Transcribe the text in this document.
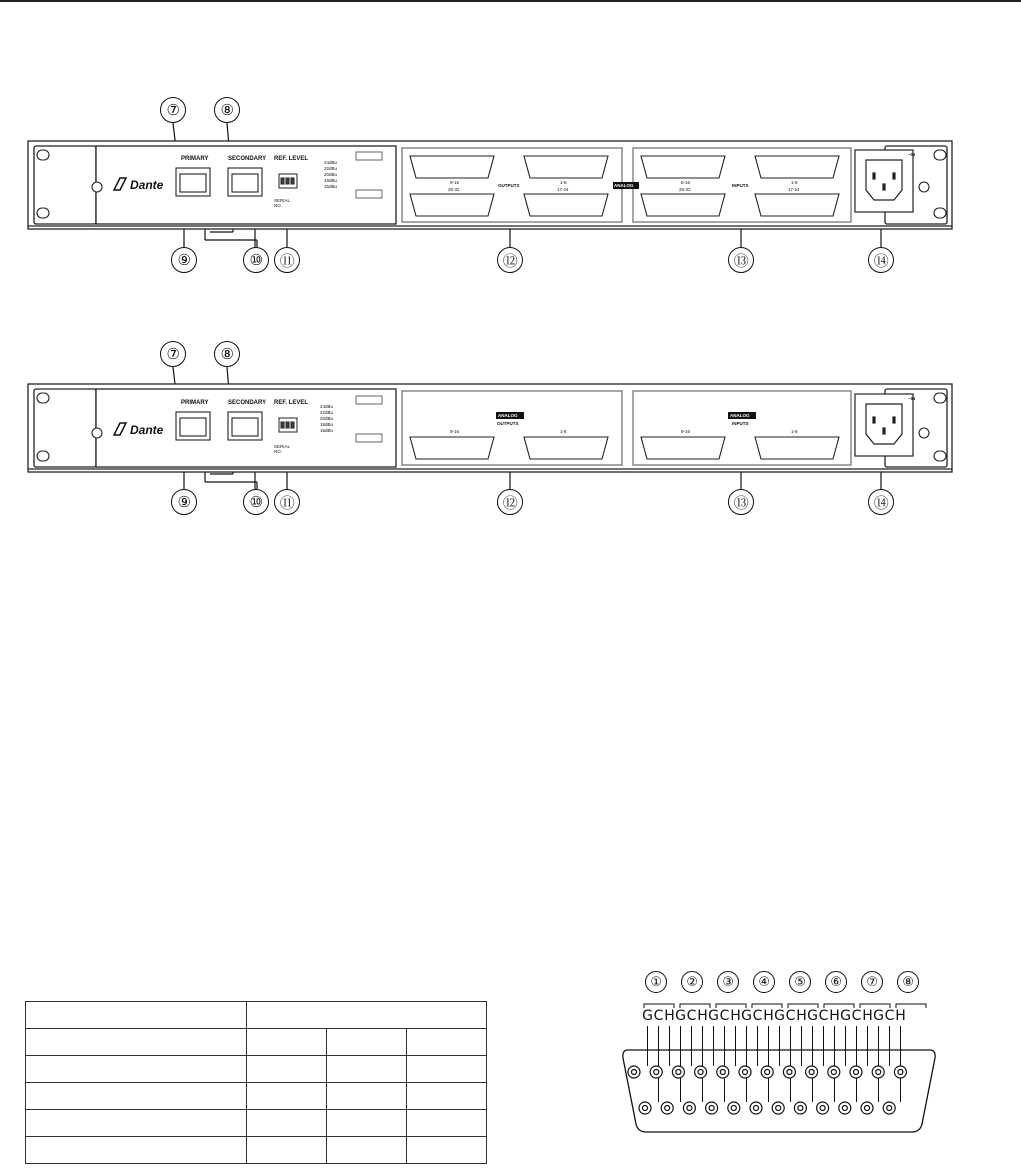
⑦	⑧
Dante
PRIMARY	SECONDARY REF. LEVEL
24dBu
22dBu
20dBu
18dBu
15dBu
SERIAL NO.
9-16	1-8
25-32	17-24
OUTPUTS	ANALOG
9-16	1-8
25-32	17-24
INPUTS
~IN
⑨	⑩	⑪	⑫	⑬	⑭
⑦	⑧
Dante
PRIMARY	SECONDARY REF. LEVEL
24dBu
22dBu
20dBu
18dBu
15dBu
SERIAL NO.
ANALOG
OUTPUTS
ANALOG
INPUTS
9-16	1-8	9-16	1-8
~IN
⑨	⑩	⑪	⑫	⑬	⑭

①	②	③	④	⑤	⑥	⑦	⑧
G C H G C H G C H G C H G C H G C H G C H G C H
